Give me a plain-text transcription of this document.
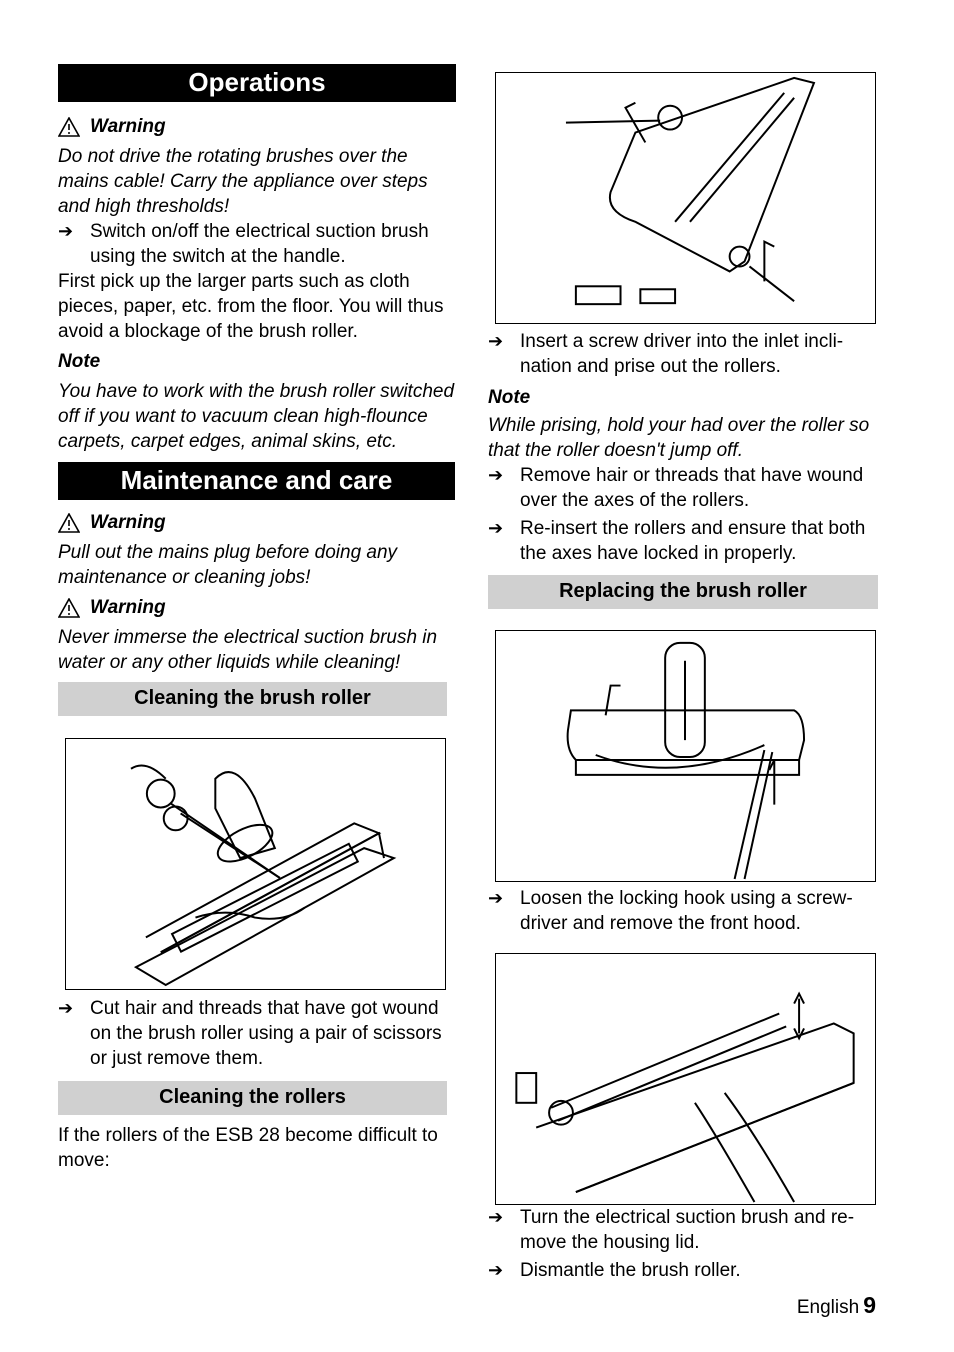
Operations
Warning

Do not drive the rotating brushes over the mains cable! Carry the appliance over steps and high thresholds!

➔ Switch on/off the electrical suction brush using the switch at the handle.

First pick up the larger parts such as cloth pieces, paper, etc. from the floor. You will thus avoid a blockage of the brush roller.

Note

You have to work with the brush roller switched off if you want to vacuum clean high-flounce carpets, carpet edges, animal skins, etc.

Maintenance and care
Warning

Pull out the mains plug before doing any maintenance or cleaning jobs!

Warning

Never immerse the electrical suction brush in water or any other liquids while cleaning!

Cleaning the brush roller
➔ Cut hair and threads that have got wound on the brush roller using a pair of scissors or just remove them.
Cleaning the rollers

If the rollers of the ESB 28 become difficult to move:

➔ Insert a screw driver into the inlet incli-nation and prise out the rollers.

Note

While prising, hold your had over the roller so that the roller doesn't jump off.

➔ Remove hair or threads that have wound over the axes of the rollers.
➔ Re-insert the rollers and ensure that both the axes have locked in properly.
Replacing the brush roller
➔ Loosen the locking hook using a screw-driver and remove the front hood.
➔ Turn the electrical suction brush and re-move the housing lid.
➔ Dismantle the brush roller.
English 9
